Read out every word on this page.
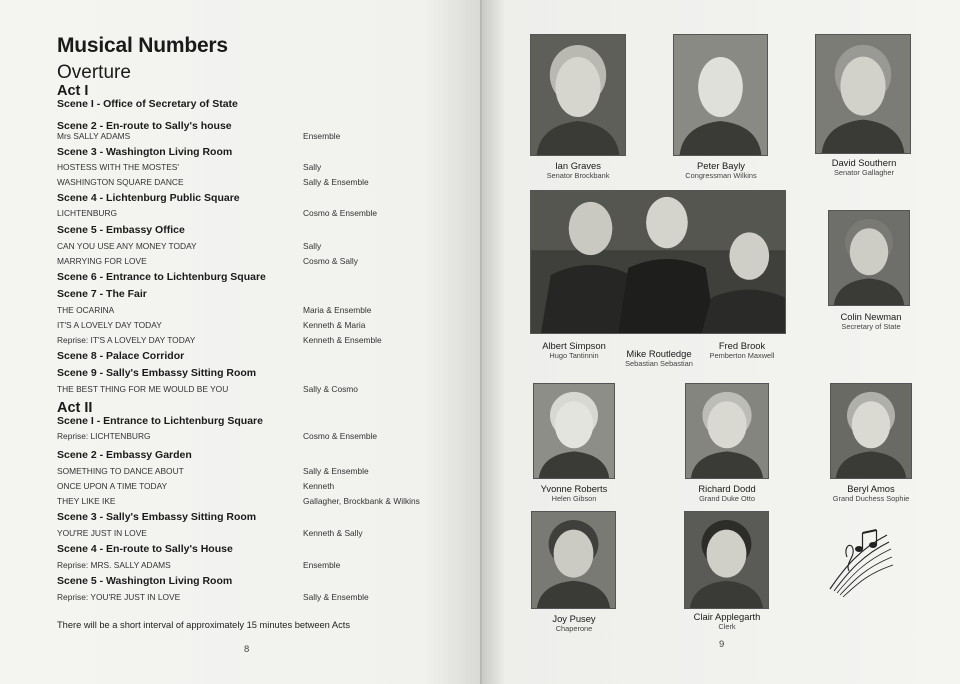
Musical Numbers
Overture
Act I
Scene I - Office of Secretary of State
Scene 2 - En-route to Sally's house
Mrs SALLY ADAMS	Ensemble
Scene 3 - Washington Living Room
HOSTESS WITH THE MOSTES'	Sally
WASHINGTON SQUARE DANCE	Sally & Ensemble
Scene 4 - Lichtenburg Public Square
LICHTENBURG	Cosmo & Ensemble
Scene 5 - Embassy Office
CAN YOU USE ANY MONEY TODAY	Sally
MARRYING FOR LOVE	Cosmo & Sally
Scene 6 - Entrance to Lichtenburg Square
Scene 7 - The Fair
THE OCARINA	Maria & Ensemble
IT'S A LOVELY DAY TODAY	Kenneth & Maria
Reprise: IT'S A LOVELY DAY TODAY	Kenneth & Ensemble
Scene 8 - Palace Corridor
Scene 9 - Sally's Embassy Sitting Room
THE BEST THING FOR ME WOULD BE YOU	Sally & Cosmo
Act II
Scene I - Entrance to Lichtenburg Square
Reprise: LICHTENBURG	Cosmo & Ensemble
Scene 2 - Embassy Garden
SOMETHING TO DANCE ABOUT	Sally & Ensemble
ONCE UPON A TIME TODAY	Kenneth
THEY LIKE IKE	Gallagher, Brockbank & Wilkins
Scene 3 - Sally's Embassy Sitting Room
YOU'RE JUST IN LOVE	Kenneth & Sally
Scene 4 - En-route to Sally's House
Reprise: MRS. SALLY ADAMS	Ensemble
Scene 5 - Washington Living Room
Reprise: YOU'RE JUST IN LOVE	Sally & Ensemble
There will be a short interval of approximately 15 minutes between Acts
8
Ian Graves
Senator Brockbank
Peter Bayly
Congressman Wilkins
David Southern
Senator Gallagher
Albert Simpson
Hugo Tantinnin	Mike Routledge
Sebastian Sebastian
Fred Brook
Pemberton Maxwell
Colin Newman
Secretary of State
Yvonne Roberts
Helen Gibson
Richard Dodd
Grand Duke Otto
Beryl Amos
Grand Duchess Sophie
Joy Pusey
Chaperone
Clair Applegarth
Clerk
9
